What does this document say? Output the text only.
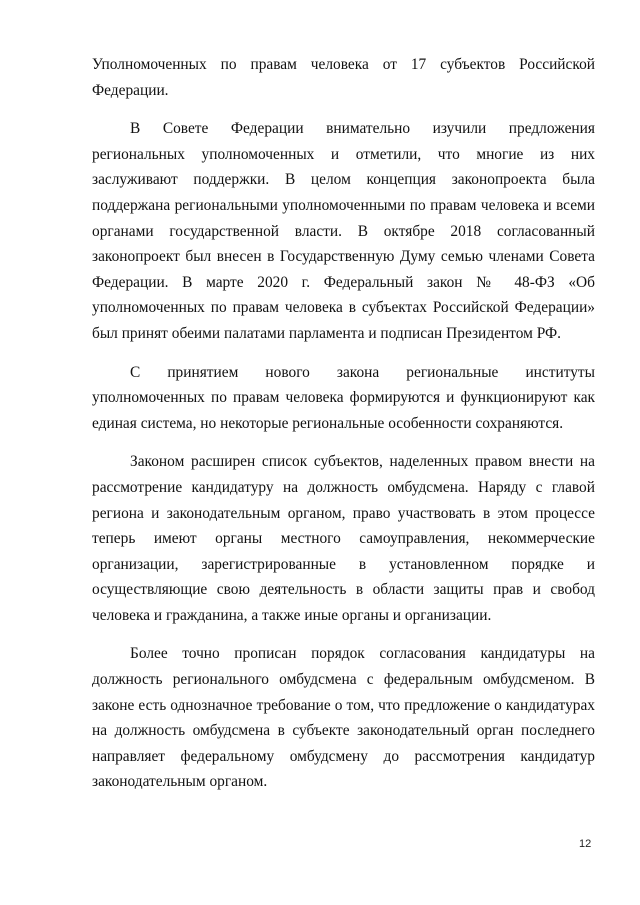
Уполномоченных по правам человека от 17 субъектов Российской Федерации.

В Совете Федерации внимательно изучили предложения региональных уполномоченных и отметили, что многие из них заслуживают поддержки. В целом концепция законопроекта была поддержана региональными уполномоченными по правам человека и всеми органами государственной власти. В октябре 2018 согласованный законопроект был внесен в Государственную Думу семью членами Совета Федерации. В марте 2020 г. Федеральный закон № 48-ФЗ «Об уполномоченных по правам человека в субъектах Российской Федерации» был принят обеими палатами парламента и подписан Президентом РФ.

С принятием нового закона региональные институты уполномоченных по правам человека формируются и функционируют как единая система, но некоторые региональные особенности сохраняются.

Законом расширен список субъектов, наделенных правом внести на рассмотрение кандидатуру на должность омбудсмена. Наряду с главой региона и законодательным органом, право участвовать в этом процессе теперь имеют органы местного самоуправления, некоммерческие организации, зарегистрированные в установленном порядке и осуществляющие свою деятельность в области защиты прав и свобод человека и гражданина, а также иные органы и организации.

Более точно прописан порядок согласования кандидатуры на должность регионального омбудсмена с федеральным омбудсменом. В законе есть однозначное требование о том, что предложение о кандидатурах на должность омбудсмена в субъекте законодательный орган последнего направляет федеральному омбудсмену до рассмотрения кандидатур законодательным органом.

12
